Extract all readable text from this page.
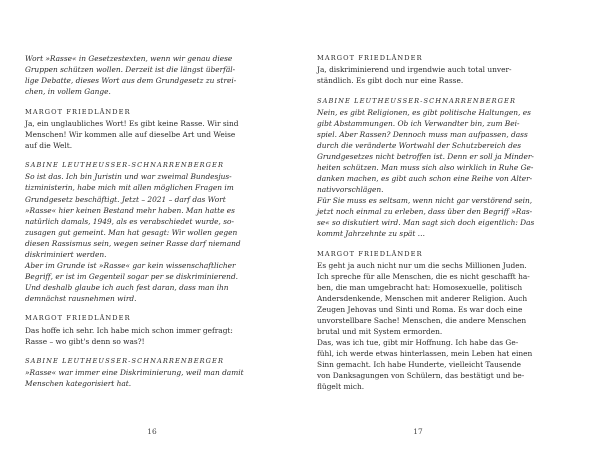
Wort »Rasse« in Gesetzestexten, wenn wir genau diese
Gruppen schützen wollen. Derzeit ist die längst überfäl-
lige Debatte, dieses Wort aus dem Grundgesetz zu strei-
chen, in vollem Gange.
MARGOT FRIEDLÄNDER
Ja, ein unglaubliches Wort! Es gibt keine Rasse. Wir sind
Menschen! Wir kommen alle auf dieselbe Art und Weise
auf die Welt.
SABINE LEUTHEUSSER-SCHNARRENBERGER
So ist das. Ich bin Juristin und war zweimal Bundesjus-
tizministerin, habe mich mit allen möglichen Fragen im
Grundgesetz beschäftigt. Jetzt – 2021 – darf das Wort
»Rasse« hier keinen Bestand mehr haben. Man hatte es
natürlich damals, 1949, als es verabschiedet wurde, so-
zusagen gut gemeint. Man hat gesagt: Wir wollen gegen
diesen Rassismus sein, wegen seiner Rasse darf niemand
diskriminiert werden.
Aber im Grunde ist »Rasse« gar kein wissenschaftlicher
Begriff, er ist im Gegenteil sogar per se diskriminierend.
Und deshalb glaube ich auch fest daran, dass man ihn
demnächst rausnehmen wird.
MARGOT FRIEDLÄNDER
Das hoffe ich sehr. Ich habe mich schon immer gefragt:
Rasse – wo gibt's denn so was?!
SABINE LEUTHEUSSER-SCHNARRENBERGER
»Rasse« war immer eine Diskriminierung, weil man damit
Menschen kategorisiert hat.
16
MARGOT FRIEDLÄNDER
Ja, diskriminierend und irgendwie auch total unver-
ständlich. Es gibt doch nur eine Rasse.
SABINE LEUTHEUSSER-SCHNARRENBERGER
Nein, es gibt Religionen, es gibt politische Haltungen, es
gibt Abstammungen. Ob ich Verwandter bin, zum Bei-
spiel. Aber Rassen? Dennoch muss man aufpassen, dass
durch die veränderte Wortwahl der Schutzbereich des
Grundgesetzes nicht betroffen ist. Denn er soll ja Minder-
heiten schützen. Man muss sich also wirklich in Ruhe Ge-
danken machen, es gibt auch schon eine Reihe von Alter-
nativvorschlägen.
Für Sie muss es seltsam, wenn nicht gar verstörend sein,
jetzt noch einmal zu erleben, dass über den Begriff »Ras-
se« so diskutiert wird. Man sagt sich doch eigentlich: Das
kommt Jahrzehnte zu spät …
MARGOT FRIEDLÄNDER
Es geht ja auch nicht nur um die sechs Millionen Juden.
Ich spreche für alle Menschen, die es nicht geschafft ha-
ben, die man umgebracht hat: Homosexuelle, politisch
Andersdenkende, Menschen mit anderer Religion. Auch
Zeugen Jehovas und Sinti und Roma. Es war doch eine
unvorstellbare Sache! Menschen, die andere Menschen
brutal und mit System ermorden.
Das, was ich tue, gibt mir Hoffnung. Ich habe das Ge-
fühl, ich werde etwas hinterlassen, mein Leben hat einen
Sinn gemacht. Ich habe Hunderte, vielleicht Tausende
von Danksagungen von Schülern, das bestätigt und be-
flügelt mich.
17
